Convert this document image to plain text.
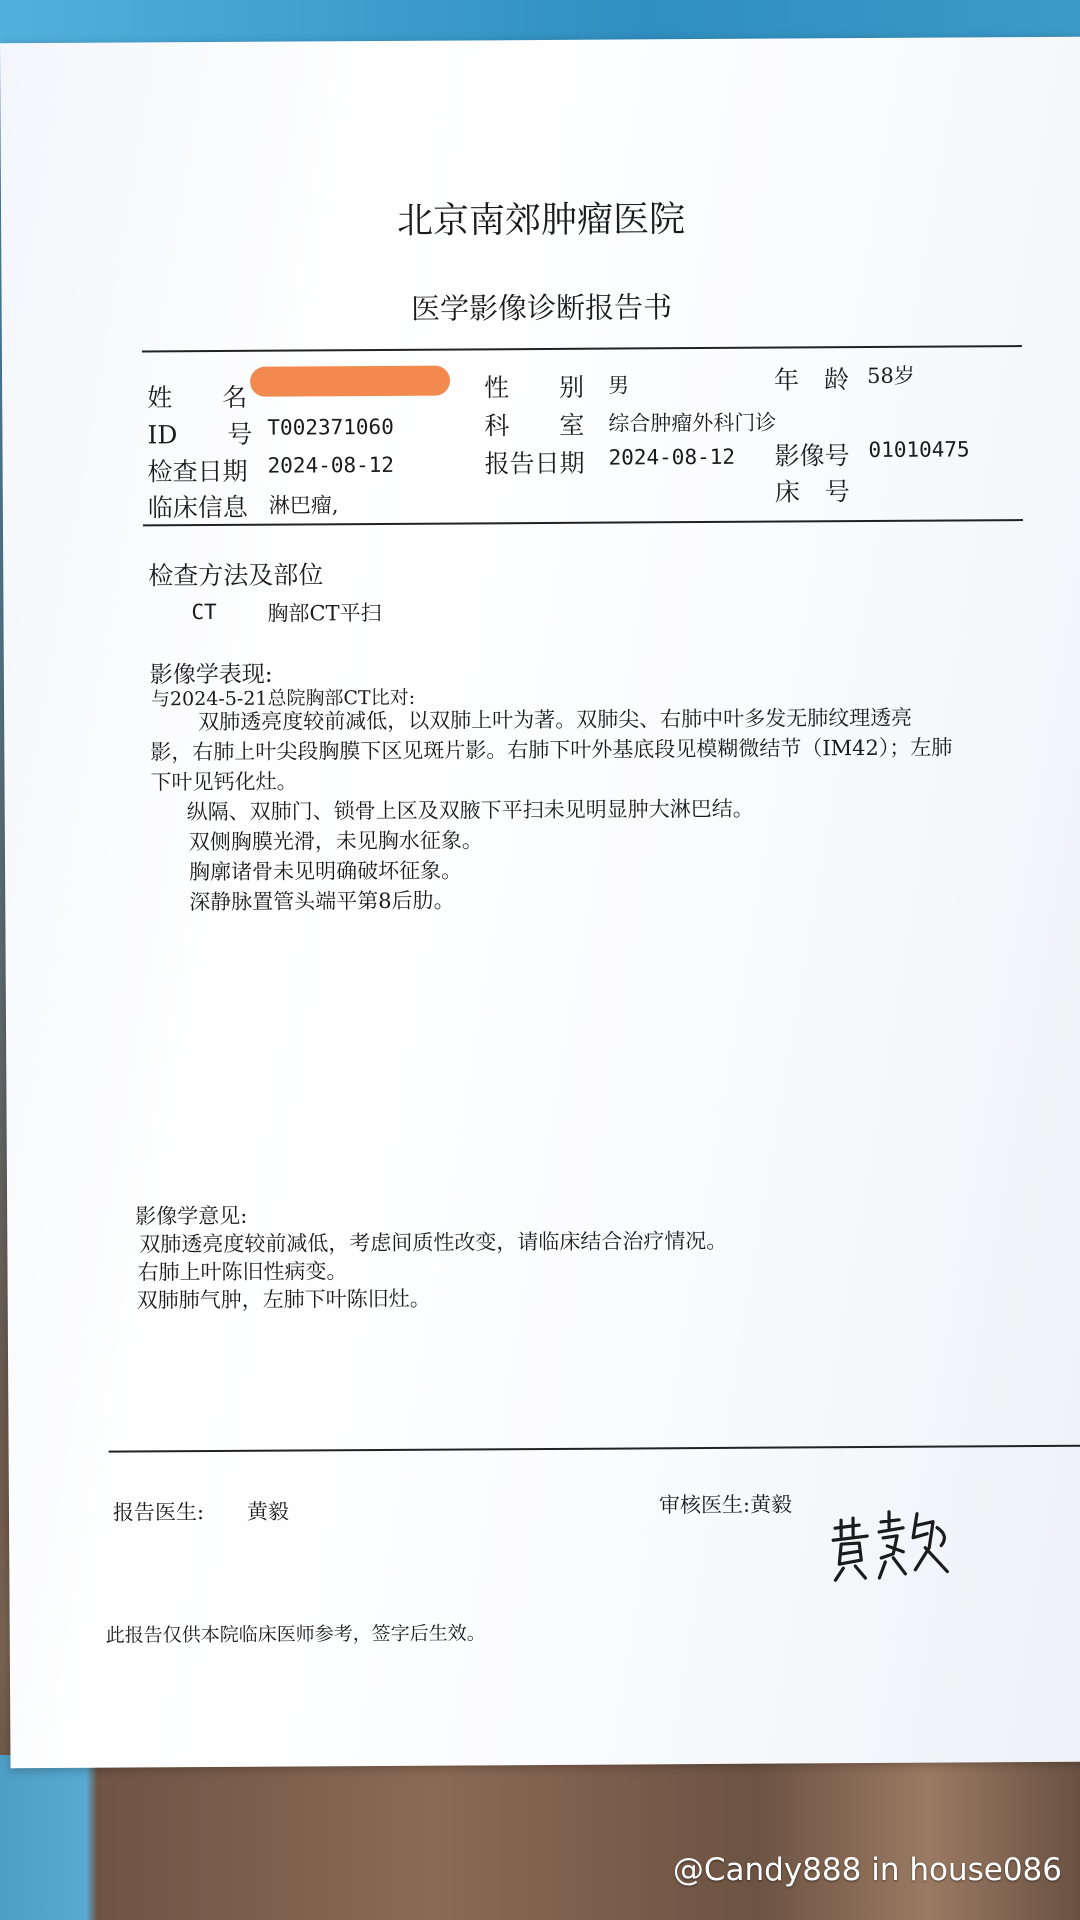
北京南郊肿瘤医院
医学影像诊断报告书
姓　　名	性　　别 男	年　龄 58岁
ID　　号 T002371060	科　　室 综合肿瘤外科门诊
检查日期 2024-08-12	报告日期 2024-08-12 影像号 01010475
临床信息 淋巴瘤,	床　号
检查方法及部位
CT 胸部CT平扫
影像学表现:
与2024-5-21总院胸部CT比对:
双肺透亮度较前减低，以双肺上叶为著。双肺尖、右肺中叶多发无肺纹理透亮
影，右肺上叶尖段胸膜下区见斑片影。右肺下叶外基底段见模糊微结节（IM42）；左肺
下叶见钙化灶。
纵隔、双肺门、锁骨上区及双腋下平扫未见明显肿大淋巴结。
双侧胸膜光滑，未见胸水征象。
胸廓诸骨未见明确破坏征象。
深静脉置管头端平第8后肋。
影像学意见:
双肺透亮度较前减低，考虑间质性改变，请临床结合治疗情况。
右肺上叶陈旧性病变。
双肺肺气肿，左肺下叶陈旧灶。
报告医生: 黄毅	审核医生:黄毅
此报告仅供本院临床医师参考，签字后生效。
@Candy888 in house086
